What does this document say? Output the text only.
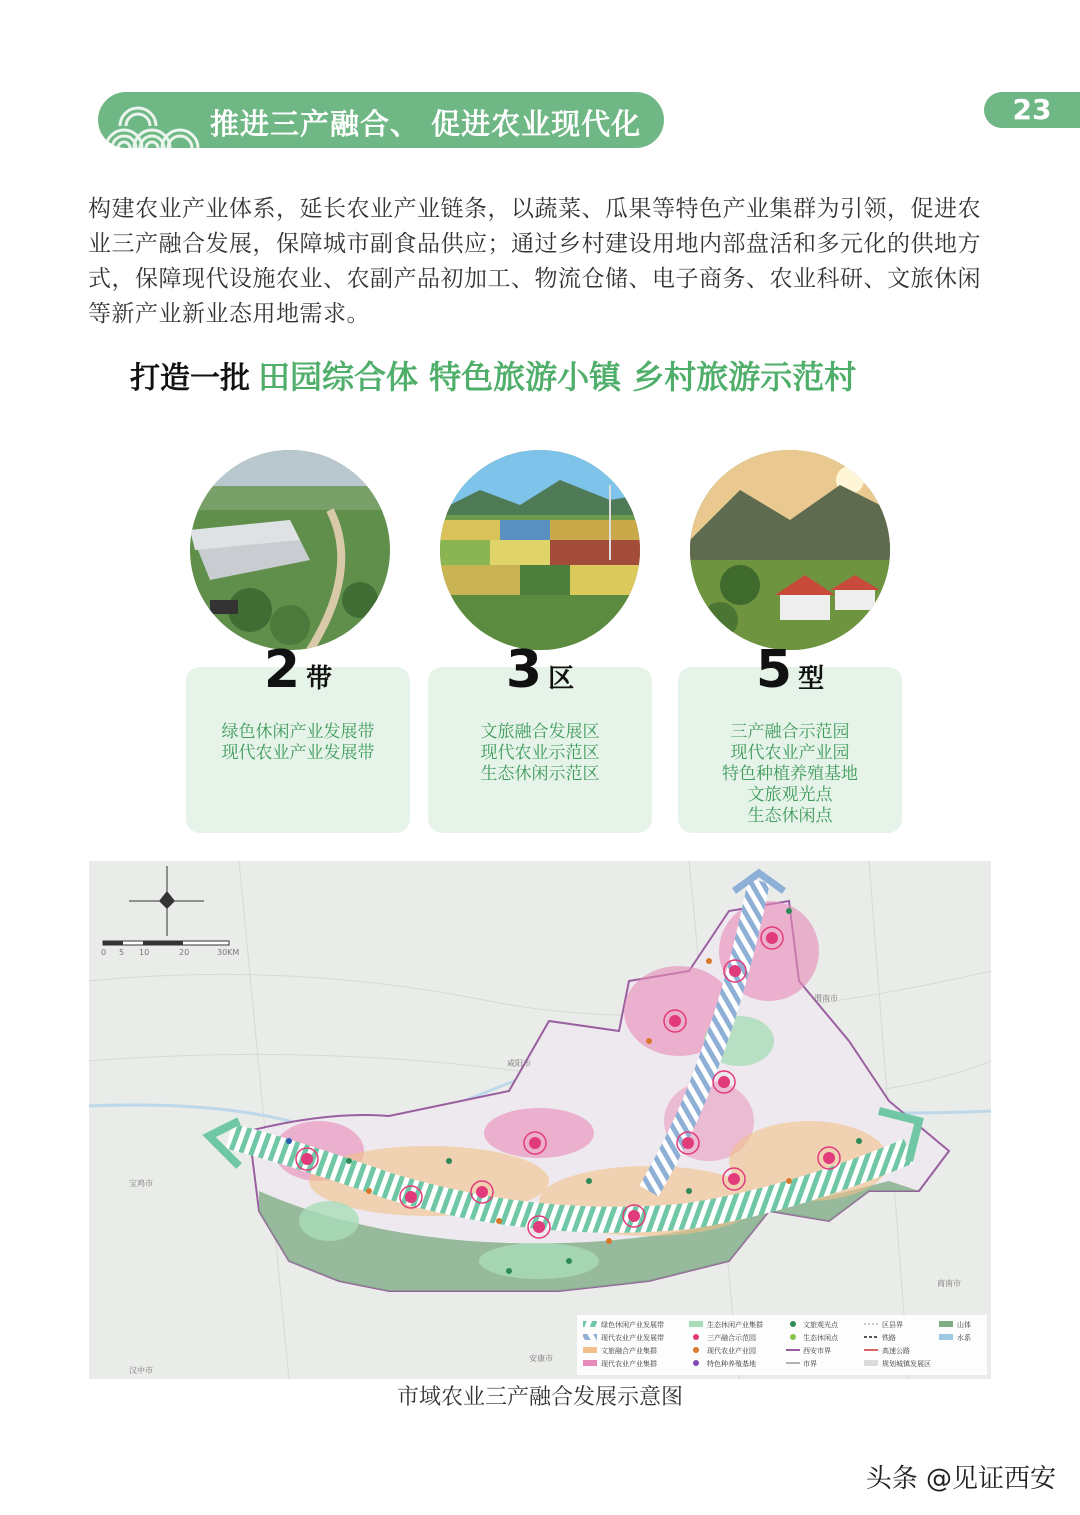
推进三产融合、 促进农业现代化	23
构建农业产业体系，延长农业产业链条，以蔬菜、瓜果等特色产业集群为引领，促进农业三产融合发展，保障城市副食品供应；通过乡村建设用地内部盘活和多元化的供地方式，保障现代设施农业、农副产品初加工、物流仓储、电子商务、农业科研、文旅休闲等新产业新业态用地需求。
打造一批 田园综合体 特色旅游小镇 乡村旅游示范村
2 带	3 区	5 型
绿色休闲产业发展带
现代农业产业发展带
文旅融合发展区
现代农业示范区
生态休闲示范区
三产融合示范园
现代农业产业园
特色种植养殖基地
文旅观光点
生态休闲点
0 5 10	20	30KM
咸阳市
渭南市
宝鸡市
商南市
安康市
汉中市
绿色休闲产业发展带
现代农业产业发展带
文旅融合产业集群
现代农业产业集群
生态休闲产业集群
三产融合示范园
现代农业产业园
特色种养殖基地
文旅观光点
生态休闲点
西安市界
市界
区县界
铁路
高速公路
规划城镇发展区
山体
水系
市域农业三产融合发展示意图
头条 @见证西安
